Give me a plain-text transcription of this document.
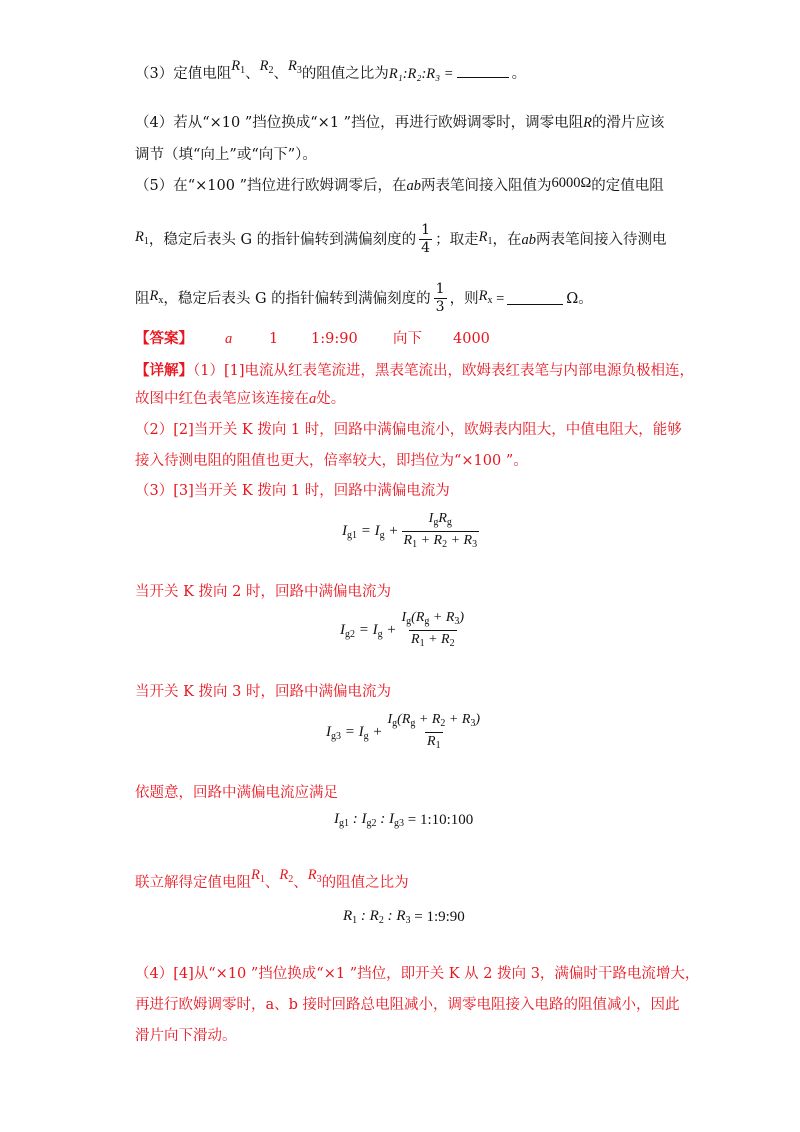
（3）定值电阻$R_1$、$R_2$、$R_3$的阻值之比为R₁:R₂:R₃ =	。
（4）若从“×10 ”挡位换成“×1 ”挡位，再进行欧姆调零时，调零电阻R的滑片应该
调节（填“向上”或“向下”）。
（5）在“×100 ”挡位进行欧姆调零后，在ab两表笔间接入阻值为6000Ω的定值电阻
$R_1$ ，稳定后表头 G 的指针偏转到满偏刻度的 $\frac{1}{4}$ ；取走 $R_1$ ，在 ab 两表笔间接入待测电
阻 $R_x$ ，稳定后表头 G 的指针偏转到满偏刻度的 $\frac{1}{3}$ ，则 $R_x$ =	Ω。
【答案】 a	1 1:9:90 向下 4000
【详解】（1）[1]电流从红表笔流进，黑表笔流出，欧姆表红表笔与内部电源负极相连，
故图中红色表笔应该连接在a处。
（2）[2]当开关 K 拨向 1 时，回路中满偏电流小，欧姆表内阻大，中值电阻大，能够
接入待测电阻的阻值也更大，倍率较大，即挡位为“×100 ”。
（3）[3]当开关 K 拨向 1 时，回路中满偏电流为
$I_{g1} = I_g + \frac{I_gR_g}{R_1 + R_2 + R_3}$
当开关 K 拨向 2 时，回路中满偏电流为
$I_{g2} = I_g + \frac{I_g(R_g + R_3)}{R_1 + R_2}$
当开关 K 拨向 3 时，回路中满偏电流为
$I_{g3} = I_g + \frac{I_g(R_g + R_2 + R_3)}{R_1}$
依题意，回路中满偏电流应满足
$I_{g1}$ : $I_{g2}$ : $I_{g3}$ = 1:10:100
联立解得定值电阻$R_1$、$R_2$、$R_3$的阻值之比为
$R_1$ : $R_2$ : $R_3$ = 1:9:90
（4）[4]从“×10 ”挡位换成“×1 ”挡位，即开关 K 从 2 拨向 3，满偏时干路电流增大，
再进行欧姆调零时，a、b 接时回路总电阻减小，调零电阻接入电路的阻值减小，因此
滑片向下滑动。
